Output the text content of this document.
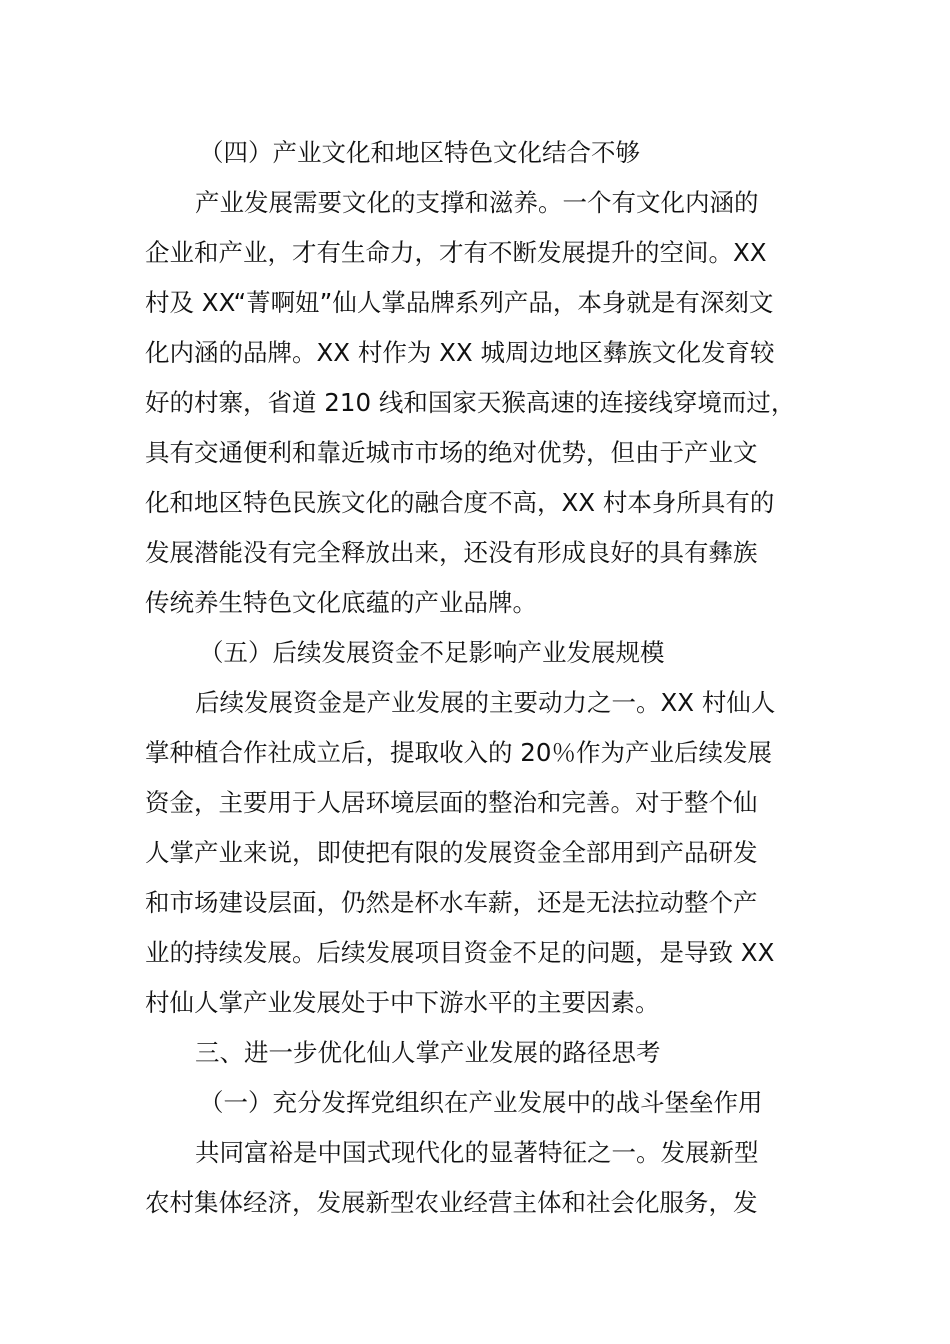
（四）产业文化和地区特色文化结合不够
产业发展需要文化的支撑和滋养。一个有文化内涵的
企业和产业，才有生命力，才有不断发展提升的空间。XX
村及 XX“菁啊妞”仙人掌品牌系列产品，本身就是有深刻文
化内涵的品牌。XX 村作为 XX 城周边地区彝族文化发育较
好的村寨，省道 210 线和国家天猴高速的连接线穿境而过，
具有交通便利和靠近城市市场的绝对优势，但由于产业文
化和地区特色民族文化的融合度不高，XX 村本身所具有的
发展潜能没有完全释放出来，还没有形成良好的具有彝族
传统养生特色文化底蕴的产业品牌。
（五）后续发展资金不足影响产业发展规模
后续发展资金是产业发展的主要动力之一。XX 村仙人
掌种植合作社成立后，提取收入的 20％作为产业后续发展
资金，主要用于人居环境层面的整治和完善。对于整个仙
人掌产业来说，即使把有限的发展资金全部用到产品研发
和市场建设层面，仍然是杯水车薪，还是无法拉动整个产
业的持续发展。后续发展项目资金不足的问题，是导致 XX
村仙人掌产业发展处于中下游水平的主要因素。
三、进一步优化仙人掌产业发展的路径思考
（一）充分发挥党组织在产业发展中的战斗堡垒作用
共同富裕是中国式现代化的显著特征之一。发展新型
农村集体经济，发展新型农业经营主体和社会化服务，发
